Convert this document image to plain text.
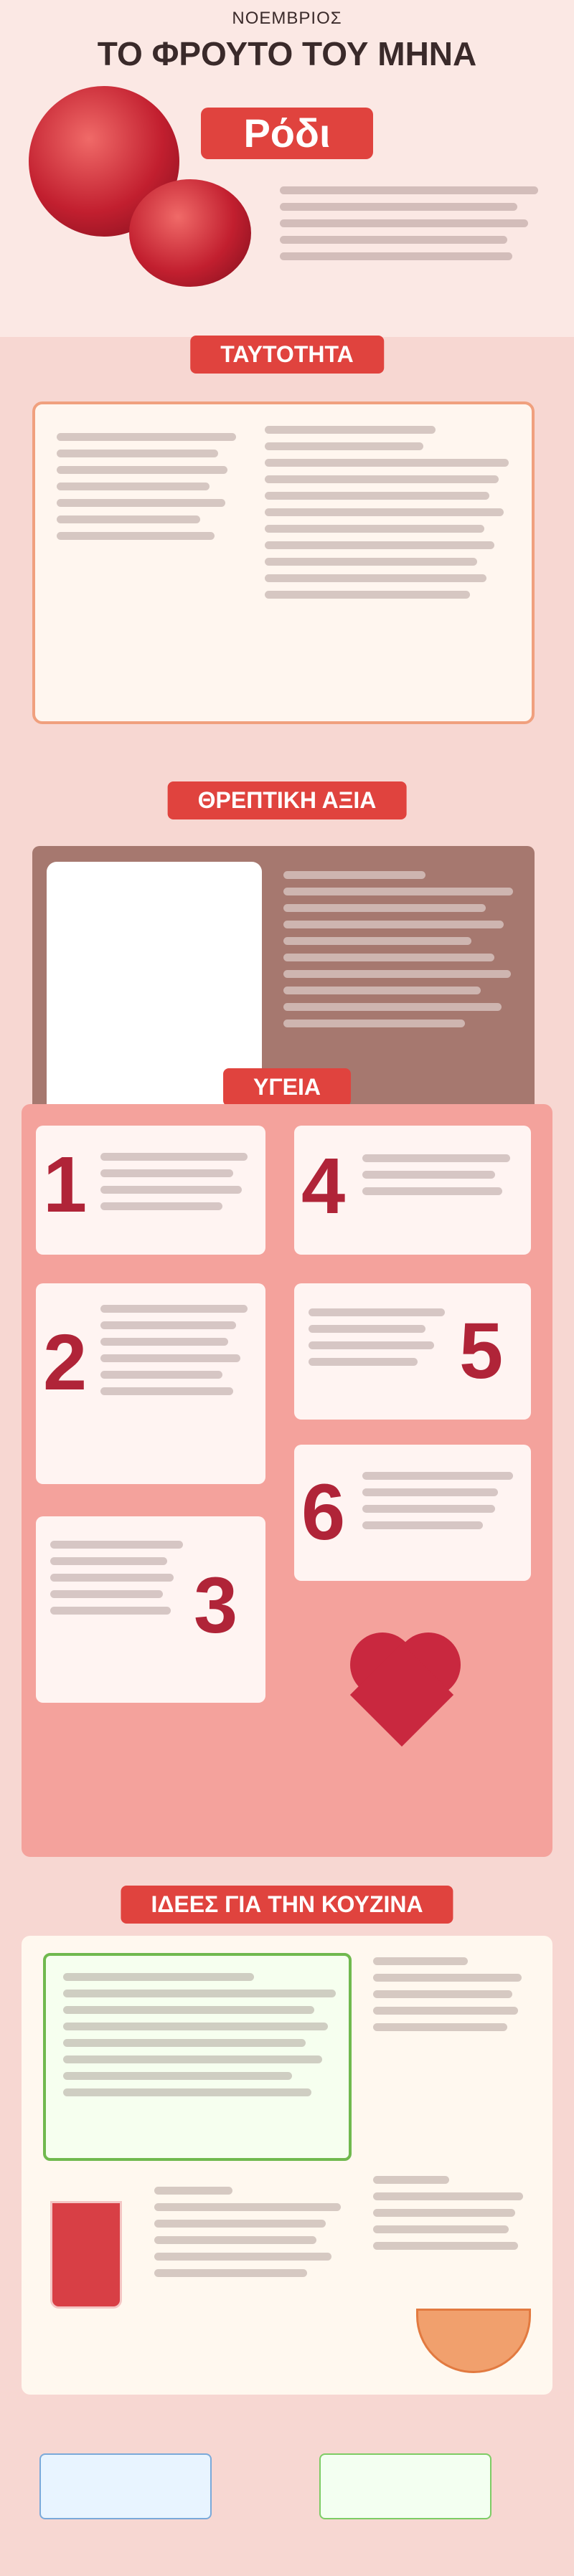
ΝΟΕΜΒΡΙΟΣ
ΤΟ ΦΡΟΥΤΟ ΤΟΥ ΜΗΝΑ
Ρόδι
ΤΑΥΤΟΤΗΤΑ
ΘΡΕΠΤΙΚΗ ΑΞΙΑ
ΥΓΕΙΑ
1	4
2	5
6
3
ΙΔΕΕΣ ΓΙΑ ΤΗΝ ΚΟΥΖΙΝΑ
